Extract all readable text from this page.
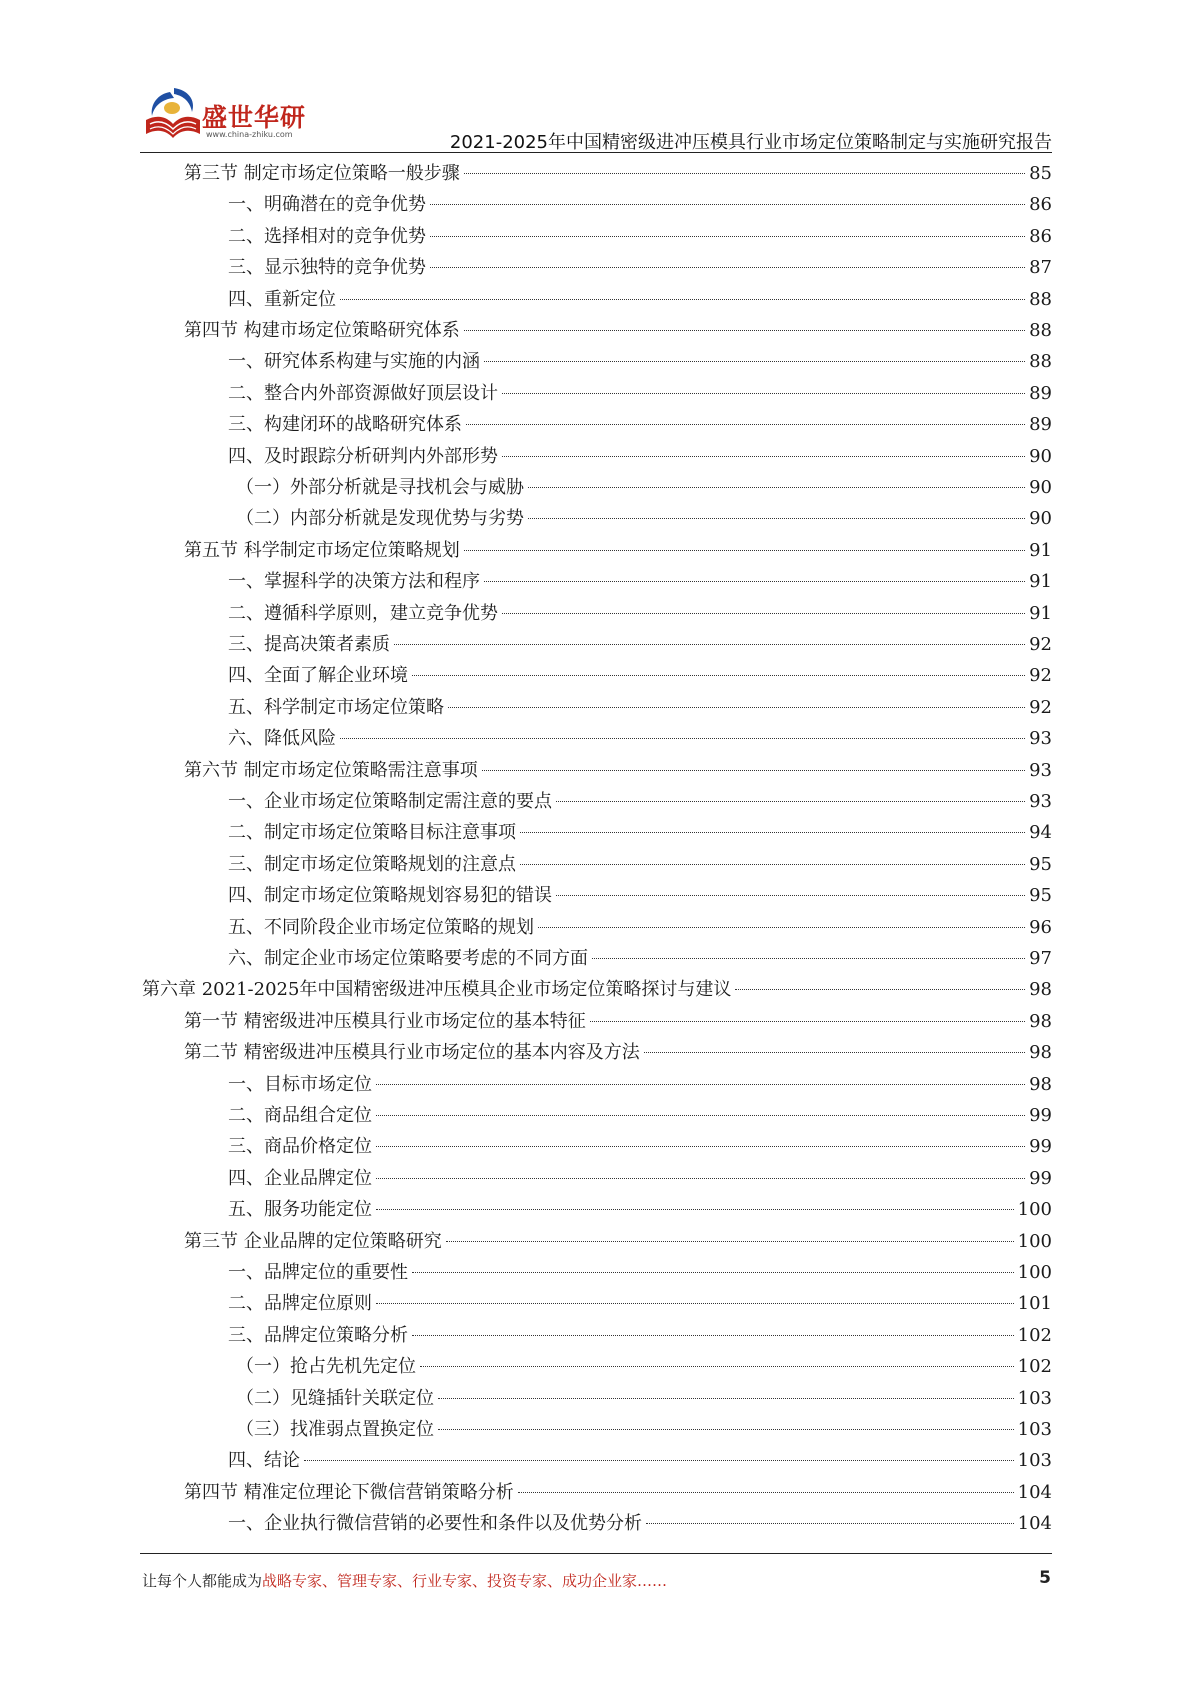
盛世华研
www.china-zhiku.com	2021-2025年中国精密级进冲压模具行业市场定位策略制定与实施研究报告
第三节 制定市场定位策略一般步骤	85
一、明确潜在的竞争优势	86
二、选择相对的竞争优势	86
三、显示独特的竞争优势	87
四、重新定位	88
第四节 构建市场定位策略研究体系	88
一、研究体系构建与实施的内涵	88
二、整合内外部资源做好顶层设计	89
三、构建闭环的战略研究体系	89
四、及时跟踪分析研判内外部形势	90
（一）外部分析就是寻找机会与威胁	90
（二）内部分析就是发现优势与劣势	90
第五节 科学制定市场定位策略规划	91
一、掌握科学的决策方法和程序	91
二、遵循科学原则，建立竞争优势	91
三、提高决策者素质	92
四、全面了解企业环境	92
五、科学制定市场定位策略	92
六、降低风险	93
第六节 制定市场定位策略需注意事项	93
一、企业市场定位策略制定需注意的要点	93
二、制定市场定位策略目标注意事项	94
三、制定市场定位策略规划的注意点	95
四、制定市场定位策略规划容易犯的错误	95
五、不同阶段企业市场定位策略的规划	96
六、制定企业市场定位策略要考虑的不同方面	97
第六章 2021-2025年中国精密级进冲压模具企业市场定位策略探讨与建议	98
第一节 精密级进冲压模具行业市场定位的基本特征	98
第二节 精密级进冲压模具行业市场定位的基本内容及方法	98
一、目标市场定位	98
二、商品组合定位	99
三、商品价格定位	99
四、企业品牌定位	99
五、服务功能定位	100
第三节 企业品牌的定位策略研究	100
一、品牌定位的重要性	100
二、品牌定位原则	101
三、品牌定位策略分析	102
（一）抢占先机先定位	102
（二）见缝插针关联定位	103
（三）找准弱点置换定位	103
四、结论	103
第四节 精准定位理论下微信营销策略分析	104
一、企业执行微信营销的必要性和条件以及优势分析	104
让每个人都能成为战略专家、管理专家、行业专家、投资专家、成功企业家……	5
